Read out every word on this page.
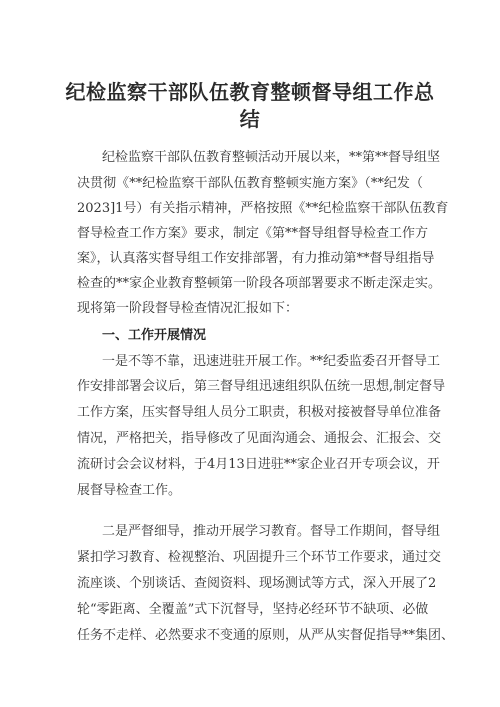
纪检监察干部队伍教育整顿督导组工作总
结
纪检监察干部队伍教育整顿活动开展以来，**第**督导组坚
决贯彻《**纪检监察干部队伍教育整顿实施方案》（**纪发（
2023]1号）有关指示精神，严格按照《**纪检监察干部队伍教育
督导检查工作方案》要求，制定《第**督导组督导检查工作方
案》，认真落实督导组工作安排部署，有力推动第**督导组指导
检查的**家企业教育整顿第一阶段各项部署要求不断走深走实。
现将第一阶段督导检查情况汇报如下：
一、工作开展情况
一是不等不靠，迅速进驻开展工作。**纪委监委召开督导工
作安排部署会议后，第三督导组迅速组织队伍统一思想,制定督导
工作方案，压实督导组人员分工职责，积极对接被督导单位准备
情况，严格把关，指导修改了见面沟通会、通报会、汇报会、交
流研讨会会议材料，于4月13日进驻**家企业召开专项会议，开
展督导检查工作。
二是严督细导，推动开展学习教育。督导工作期间，督导组
紧扣学习教育、检视整治、巩固提升三个环节工作要求，通过交
流座谈、个别谈话、查阅资料、现场测试等方式，深入开展了2
轮“零距离、全覆盖”式下沉督导，坚持必经环节不缺项、必做
任务不走样、必然要求不变通的原则，从严从实督促指导**集团、
